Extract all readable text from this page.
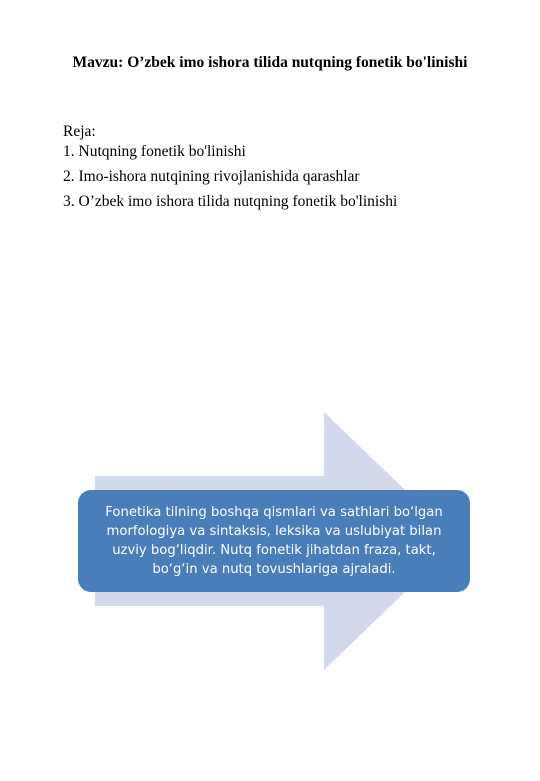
Mavzu: O’zbek imo ishora tilida nutqning fonetik bo'linishi
Reja:
1. Nutqning fonetik bo'linishi
2. Imo-ishora nutqining rivojlanishida qarashlar
3. O’zbek imo ishora tilida nutqning fonetik bo'linishi
Fonetika tilning boshqa qismlari va sathlari bo‘lgan morfologiya va sintaksis, leksika va uslubiyat bilan uzviy bog‘liqdir. Nutq fonetik jihatdan fraza, takt, bo‘g‘in va nutq tovushlariga ajraladi.
